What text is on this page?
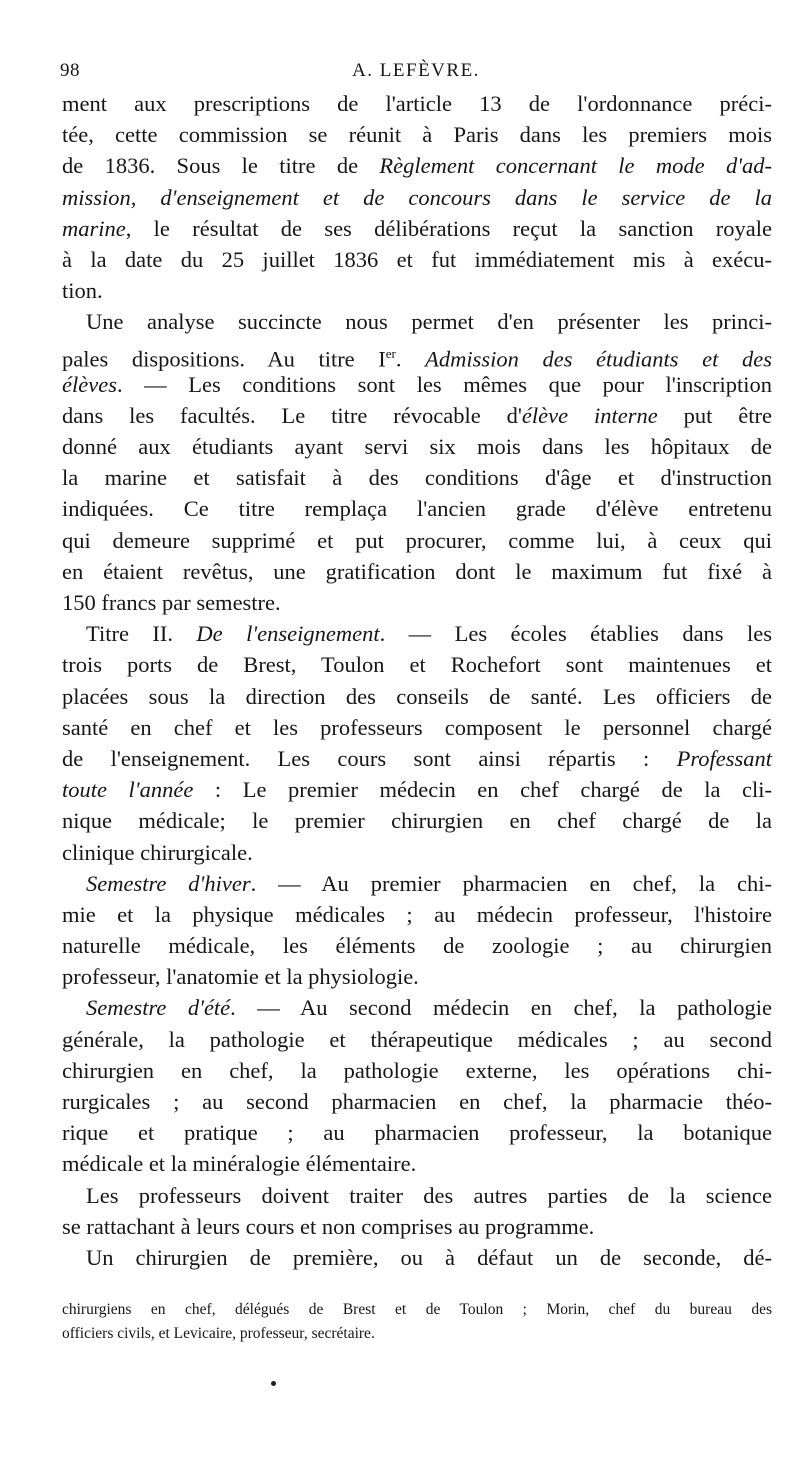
98	A. LEFÈVRE.
ment aux prescriptions de l'article 13 de l'ordonnance préci-
tée, cette commission se réunit à Paris dans les premiers mois
de 1836. Sous le titre de Règlement concernant le mode d'ad-
mission, d'enseignement et de concours dans le service de la
marine, le résultat de ses délibérations reçut la sanction royale
à la date du 25 juillet 1836 et fut immédiatement mis à exécu-
tion.
Une analyse succincte nous permet d'en présenter les princi-
pales dispositions. Au titre Ier. Admission des étudiants et des
élèves. — Les conditions sont les mêmes que pour l'inscription
dans les facultés. Le titre révocable d'élève interne put être
donné aux étudiants ayant servi six mois dans les hôpitaux de
la marine et satisfait à des conditions d'âge et d'instruction
indiquées. Ce titre remplaça l'ancien grade d'élève entretenu
qui demeure supprimé et put procurer, comme lui, à ceux qui
en étaient revêtus, une gratification dont le maximum fut fixé à
150 francs par semestre.
Titre II. De l'enseignement. — Les écoles établies dans les
trois ports de Brest, Toulon et Rochefort sont maintenues et
placées sous la direction des conseils de santé. Les officiers de
santé en chef et les professeurs composent le personnel chargé
de l'enseignement. Les cours sont ainsi répartis : Professant
toute l'année : Le premier médecin en chef chargé de la cli-
nique médicale; le premier chirurgien en chef chargé de la
clinique chirurgicale.
Semestre d'hiver. — Au premier pharmacien en chef, la chi-
mie et la physique médicales ; au médecin professeur, l'histoire
naturelle médicale, les éléments de zoologie ; au chirurgien
professeur, l'anatomie et la physiologie.
Semestre d'été. — Au second médecin en chef, la pathologie
générale, la pathologie et thérapeutique médicales ; au second
chirurgien en chef, la pathologie externe, les opérations chi-
rurgicales ; au second pharmacien en chef, la pharmacie théo-
rique et pratique ; au pharmacien professeur, la botanique
médicale et la minéralogie élémentaire.
Les professeurs doivent traiter des autres parties de la science
se rattachant à leurs cours et non comprises au programme.
Un chirurgien de première, ou à défaut un de seconde, dé-
chirurgiens en chef, délégués de Brest et de Toulon ; Morin, chef du bureau des
officiers civils, et Levicaire, professeur, secrétaire.
